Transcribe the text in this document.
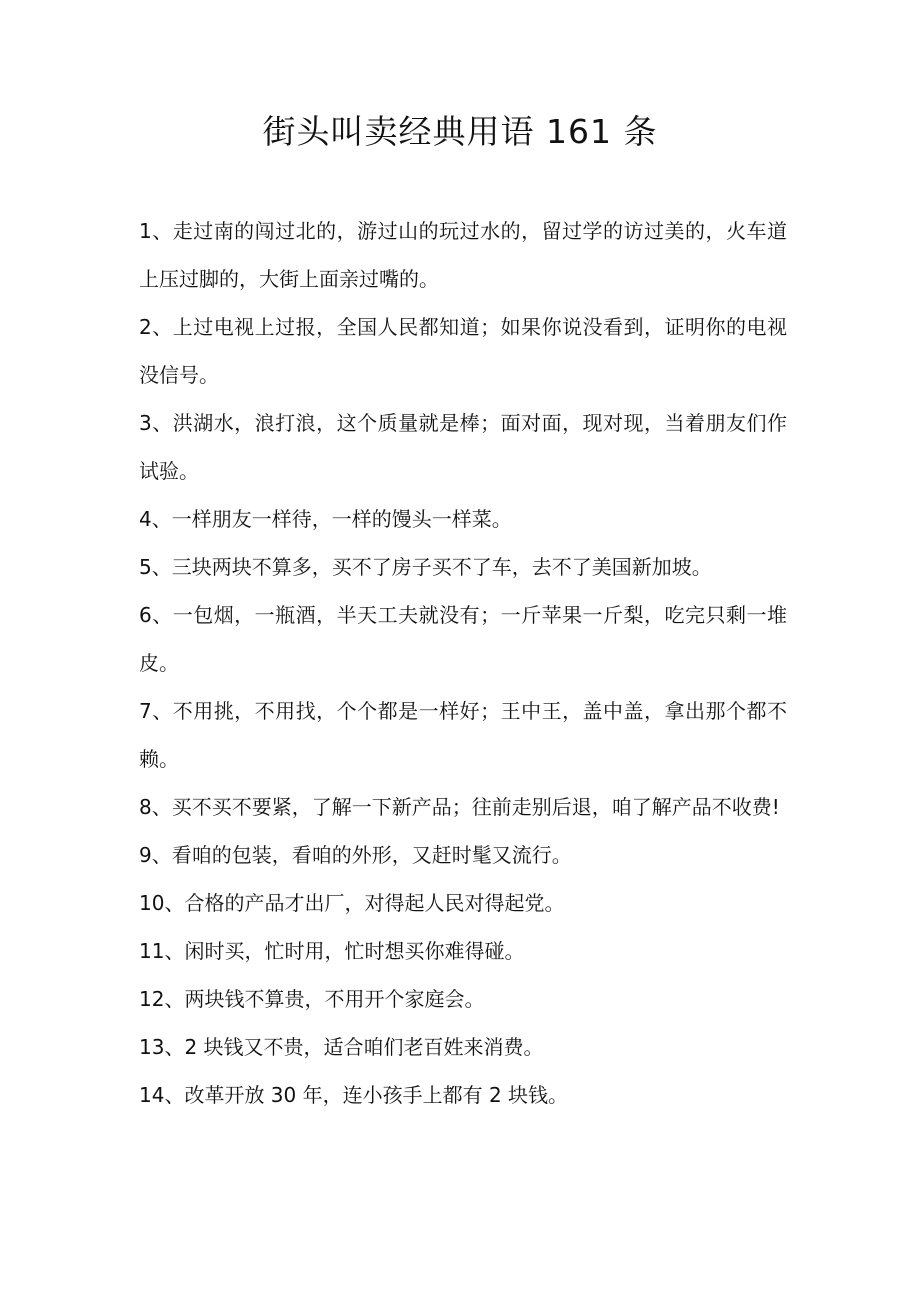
街头叫卖经典用语 161 条
1、走过南的闯过北的，游过山的玩过水的，留过学的访过美的，火车道上压过脚的，大街上面亲过嘴的。
2、上过电视上过报，全国人民都知道；如果你说没看到，证明你的电视没信号。
3、洪湖水，浪打浪，这个质量就是棒；面对面，现对现，当着朋友们作试验。
4、一样朋友一样待，一样的馒头一样菜。
5、三块两块不算多，买不了房子买不了车，去不了美国新加坡。
6、一包烟，一瓶酒，半天工夫就没有；一斤苹果一斤梨，吃完只剩一堆皮。
7、不用挑，不用找，个个都是一样好；王中王，盖中盖，拿出那个都不赖。
8、买不买不要紧，了解一下新产品；往前走别后退，咱了解产品不收费!
9、看咱的包装，看咱的外形，又赶时髦又流行。
10、合格的产品才出厂，对得起人民对得起党。
11、闲时买，忙时用，忙时想买你难得碰。
12、两块钱不算贵，不用开个家庭会。
13、2 块钱又不贵，适合咱们老百姓来消费。
14、改革开放 30 年，连小孩手上都有 2 块钱。
